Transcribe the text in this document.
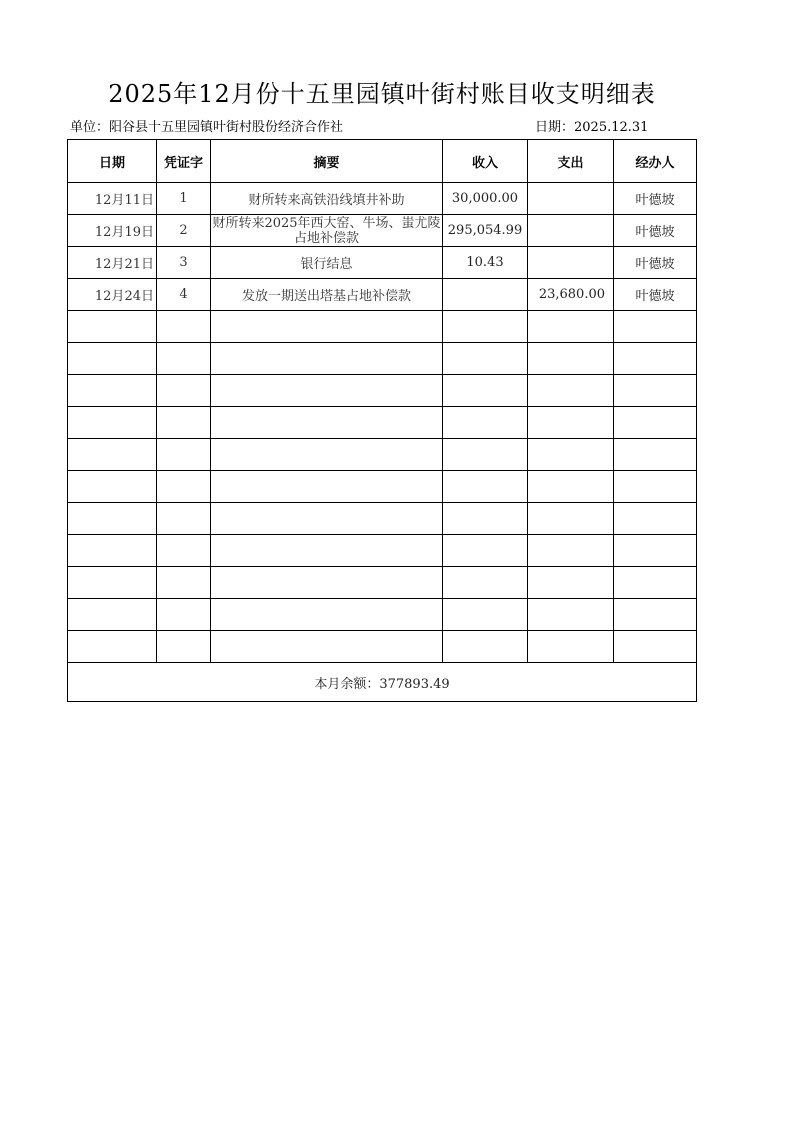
2025年12月份十五里园镇叶街村账目收支明细表
单位：阳谷县十五里园镇叶街村股份经济合作社	日期：2025.12.31
日期	凭证字	摘要	收入	支出	经办人
12月11日	1	财所转来高铁沿线填井补助	30,000.00		叶德坡
12月19日	2	财所转来2025年西大窑、牛场、蚩尤陵占地补偿款	295,054.99		叶德坡
12月21日	3	银行结息	10.43		叶德坡
12月24日	4	发放一期送出塔基占地补偿款		23,680.00	叶德坡

本月余额：377893.49					
